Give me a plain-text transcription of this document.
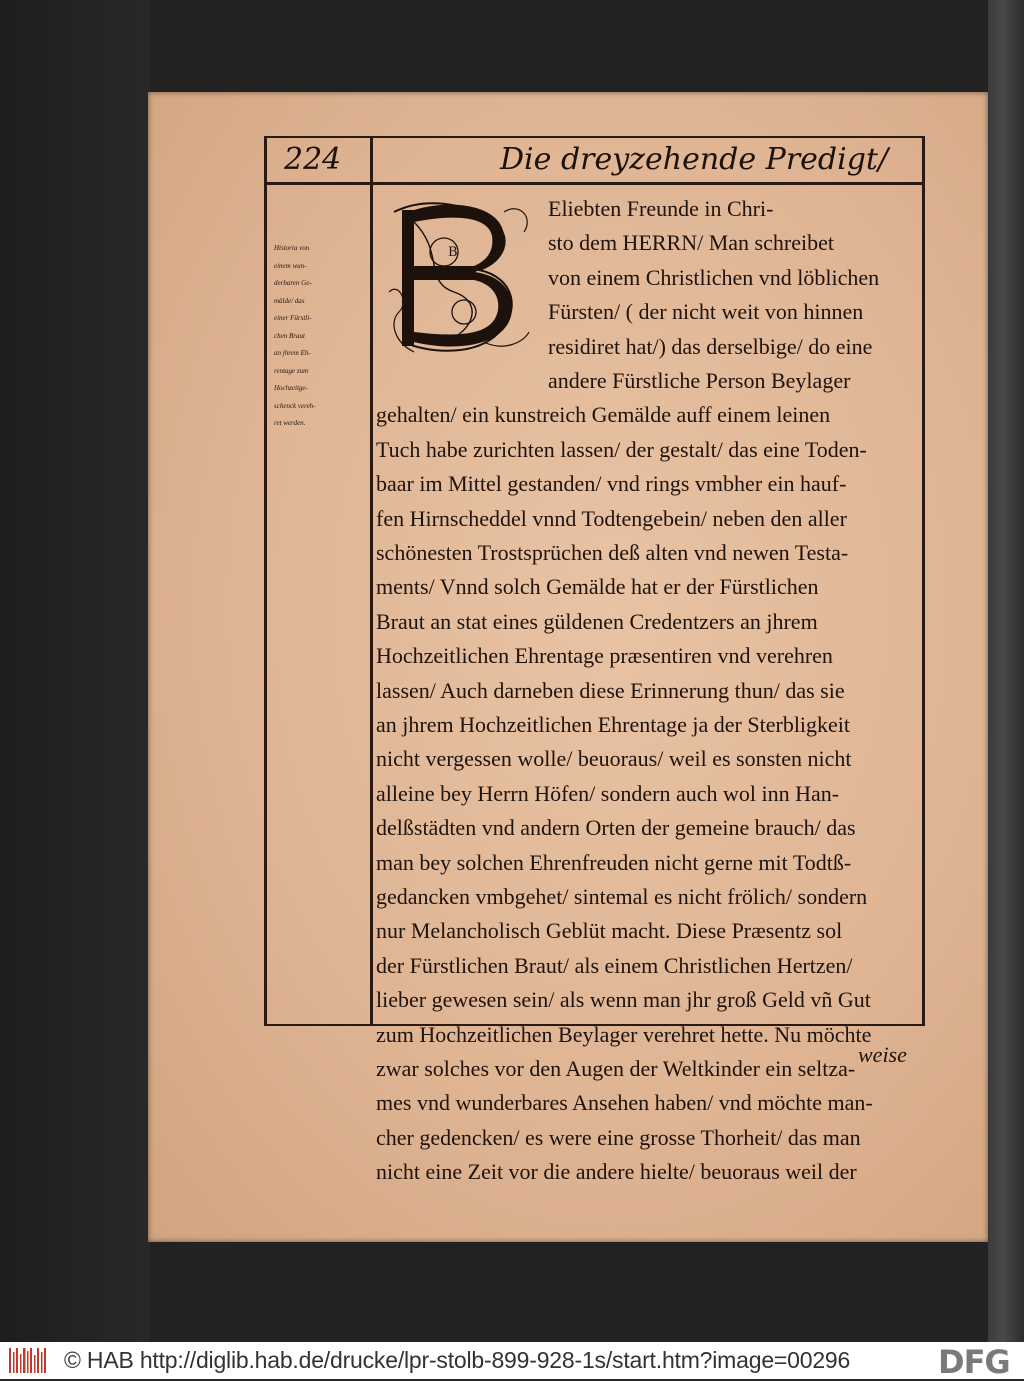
224	Die dreyzehende Predigt/
Historia von
einem wun-
derbaren Ge-
mälde/ das
einer Fürstli-
chen Braut
an jhrem Eh-
rentage zum
Hochzeitge-
schenck vereh-
ret werden.
B
Eliebten Freunde in Chri-
sto dem HERRN/ Man schreibet
von einem Christlichen vnd löblichen
Fürsten/ ( der nicht weit von hinnen
residiret hat/) das derselbige/ do eine
andere Fürstliche Person Beylager
gehalten/ ein kunstreich Gemälde auff einem leinen
Tuch habe zurichten lassen/ der gestalt/ das eine Toden-
baar im Mittel gestanden/ vnd rings vmbher ein hauf-
fen Hirnscheddel vnnd Todtengebein/ neben den aller
schönesten Trostsprüchen deß alten vnd newen Testa-
ments/ Vnnd solch Gemälde hat er der Fürstlichen
Braut an stat eines güldenen Credentzers an jhrem
Hochzeitlichen Ehrentage præsentiren vnd verehren
lassen/ Auch darneben diese Erinnerung thun/ das sie
an jhrem Hochzeitlichen Ehrentage ja der Sterbligkeit
nicht vergessen wolle/ beuoraus/ weil es sonsten nicht
alleine bey Herrn Höfen/ sondern auch wol inn Han-
delßstädten vnd andern Orten der gemeine brauch/ das
man bey solchen Ehrenfreuden nicht gerne mit Todtß-
gedancken vmbgehet/ sintemal es nicht frölich/ sondern
nur Melancholisch Geblüt macht. Diese Præsentz sol
der Fürstlichen Braut/ als einem Christlichen Hertzen/
lieber gewesen sein/ als wenn man jhr groß Geld vñ Gut
zum Hochzeitlichen Beylager verehret hette. Nu möchte
zwar solches vor den Augen der Weltkinder ein seltza-
mes vnd wunderbares Ansehen haben/ vnd möchte man-
cher gedencken/ es were eine grosse Thorheit/ das man
nicht eine Zeit vor die andere hielte/ beuoraus weil der
weise
© HAB http://diglib.hab.de/drucke/lpr-stolb-899-928-1s/start.htm?image=00296	DFG
